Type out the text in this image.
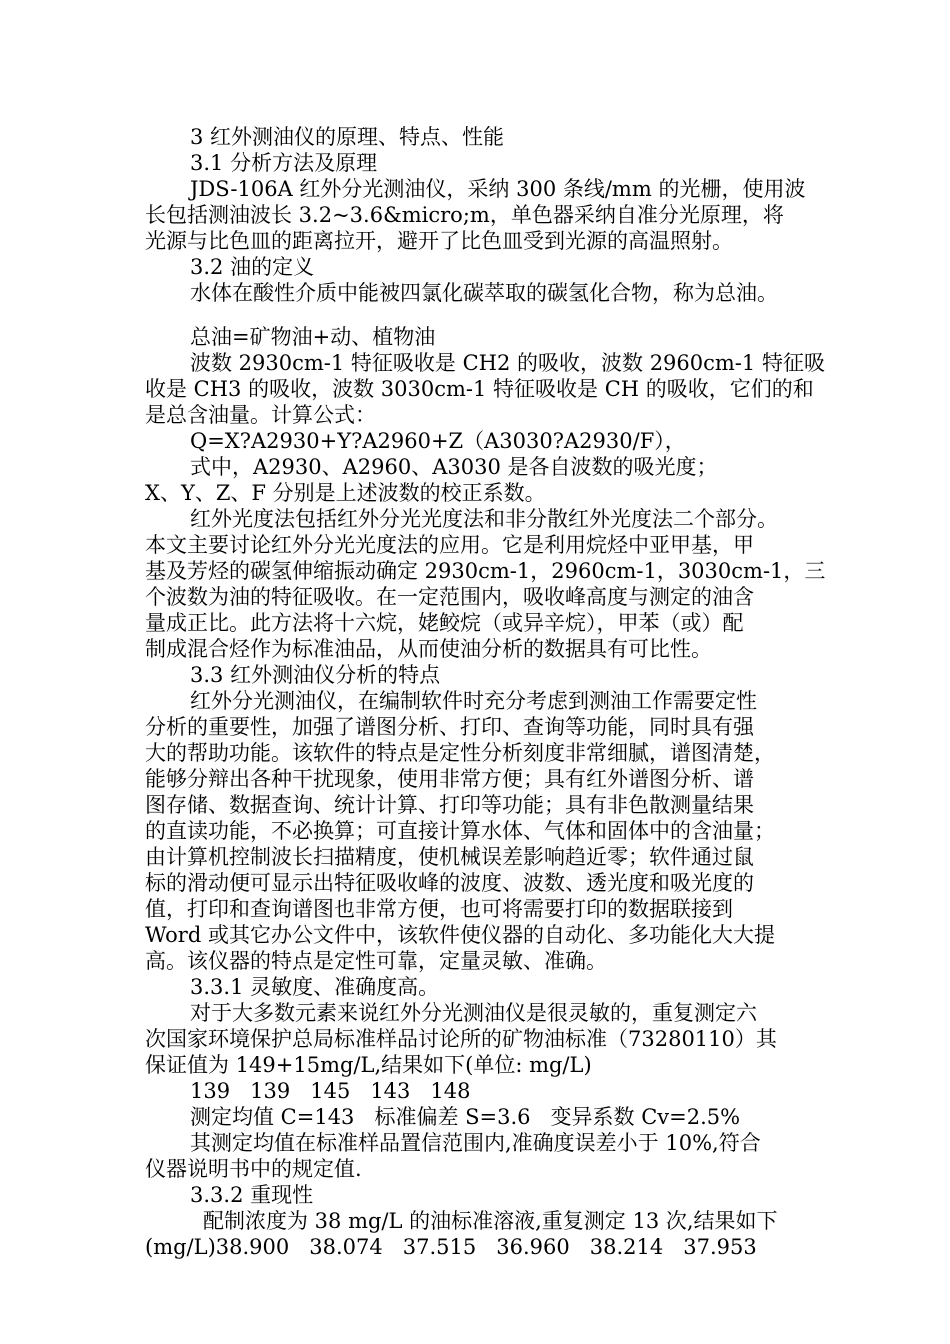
3 红外测油仪的原理、特点、性能
3.1 分析方法及原理
JDS-106A 红外分光测油仪，采纳 300 条线/mm 的光栅，使用波
长包括测油波长 3.2~3.6&micro;m，单色器采纳自准分光原理，将
光源与比色皿的距离拉开，避开了比色皿受到光源的高温照射。
3.2 油的定义
水体在酸性介质中能被四氯化碳萃取的碳氢化合物，称为总油。
总油=矿物油+动、植物油
波数 2930cm-1 特征吸收是 CH2 的吸收，波数 2960cm-1 特征吸
收是 CH3 的吸收，波数 3030cm-1 特征吸收是 CH 的吸收，它们的和
是总含油量。计算公式：
Q=X?A2930+Y?A2960+Z（A3030?A2930/F），
式中，A2930、A2960、A3030 是各自波数的吸光度；
X、Y、Z、F 分别是上述波数的校正系数。
红外光度法包括红外分光光度法和非分散红外光度法二个部分。
本文主要讨论红外分光光度法的应用。它是利用烷烃中亚甲基，甲
基及芳烃的碳氢伸缩振动确定 2930cm-1，2960cm-1，3030cm-1，三
个波数为油的特征吸收。在一定范围内，吸收峰高度与测定的油含
量成正比。此方法将十六烷，姥鲛烷（或异辛烷），甲苯（或）配
制成混合烃作为标准油品，从而使油分析的数据具有可比性。
3.3 红外测油仪分析的特点
红外分光测油仪，在编制软件时充分考虑到测油工作需要定性
分析的重要性，加强了谱图分析、打印、查询等功能，同时具有强
大的帮助功能。该软件的特点是定性分析刻度非常细腻，谱图清楚，
能够分辩出各种干扰现象，使用非常方便；具有红外谱图分析、谱
图存储、数据查询、统计计算、打印等功能；具有非色散测量结果
的直读功能，不必换算；可直接计算水体、气体和固体中的含油量；
由计算机控制波长扫描精度，使机械误差影响趋近零；软件通过鼠
标的滑动便可显示出特征吸收峰的波度、波数、透光度和吸光度的
值，打印和查询谱图也非常方便，也可将需要打印的数据联接到
Word 或其它办公文件中，该软件使仪器的自动化、多功能化大大提
高。该仪器的特点是定性可靠，定量灵敏、准确。
3.3.1 灵敏度、准确度高。
对于大多数元素来说红外分光测油仪是很灵敏的，重复测定六
次国家环境保护总局标准样品讨论所的矿物油标准（73280110）其
保证值为 149+15mg/L,结果如下(单位: mg/L)
139   139   145   143   148
测定均值 C=143   标准偏差 S=3.6   变异系数 Cv=2.5%
其测定均值在标准样品置信范围内,准确度误差小于 10%,符合
仪器说明书中的规定值.
3.3.2 重现性
配制浓度为 38 mg/L 的油标准溶液,重复测定 13 次,结果如下
(mg/L)38.900   38.074   37.515   36.960   38.214   37.953
